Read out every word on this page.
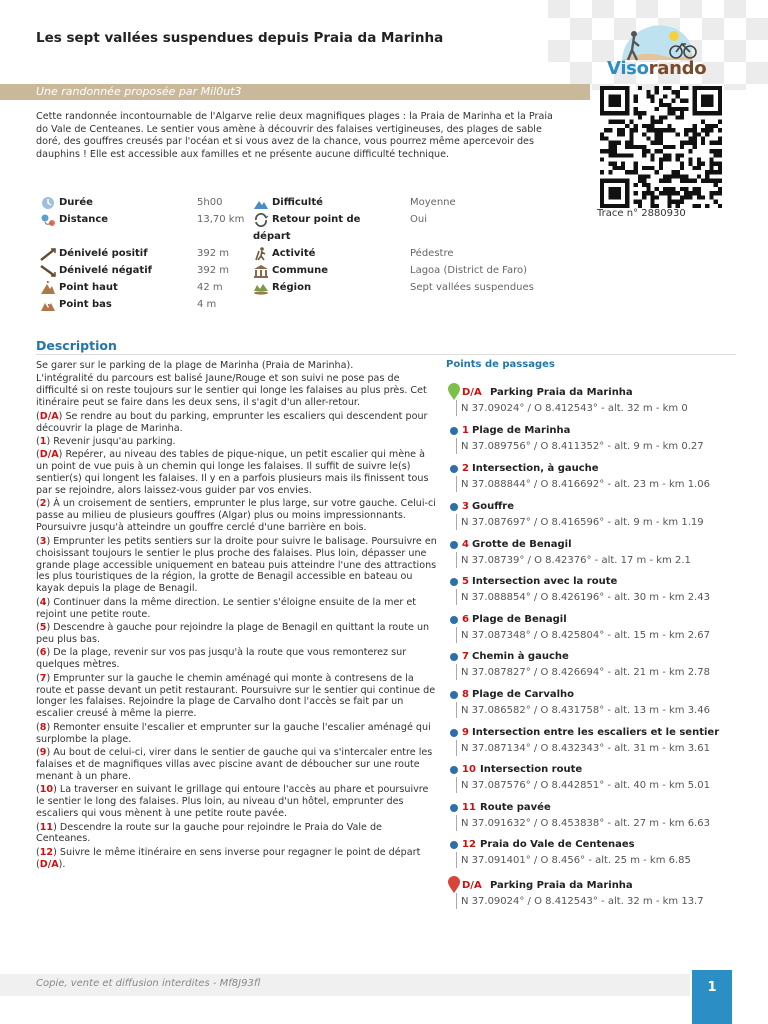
Les sept vallées suspendues depuis Praia da Marinha
Visorando
Une randonnée proposée par Mil0ut3
Trace n° 2880930
Cette randonnée incontournable de l'Algarve relie deux magnifiques plages : la Praia de Marinha et la Praia do Vale de Centeanes. Le sentier vous amène à découvrir des falaises vertigineuses, des plages de sable doré, des gouffres creusés par l'océan et si vous avez de la chance, vous pourrez même apercevoir des dauphins ! Elle est accessible aux familles et ne présente aucune difficulté technique.
Durée	5h00
Distance	13,70 km
Dénivelé positif	392 m
Dénivelé négatif	392 m
Point haut	42 m
Point bas	4 m
Difficulté	Moyenne
Retour point de
départ
Oui
Activité	Pédestre
Commune	Lagoa (District de Faro)
Région	Sept vallées suspendues
Description

Se garer sur le parking de la plage de Marinha (Praia de Marinha).

L'intégralité du parcours est balisé Jaune/Rouge et son suivi ne pose pas de difficulté si on reste toujours sur le sentier qui longe les falaises au plus près. Cet itinéraire peut se faire dans les deux sens, il s'agit d'un aller-retour.

(D/A) Se rendre au bout du parking, emprunter les escaliers qui descendent pour découvrir la plage de Marinha.

(1) Revenir jusqu'au parking.

(D/A) Repérer, au niveau des tables de pique-nique, un petit escalier qui mène à un point de vue puis à un chemin qui longe les falaises. Il suffit de suivre le(s) sentier(s) qui longent les falaises. Il y en a parfois plusieurs mais ils finissent tous par se rejoindre, alors laissez-vous guider par vos envies.

(2) À un croisement de sentiers, emprunter le plus large, sur votre gauche. Celui-ci passe au milieu de plusieurs gouffres (Algar) plus ou moins impressionnants. Poursuivre jusqu'à atteindre un gouffre cerclé d'une barrière en bois.

(3) Emprunter les petits sentiers sur la droite pour suivre le balisage. Poursuivre en choisissant toujours le sentier le plus proche des falaises. Plus loin, dépasser une grande plage accessible uniquement en bateau puis atteindre l'une des attractions les plus touristiques de la région, la grotte de Benagil accessible en bateau ou kayak depuis la plage de Benagil.

(4) Continuer dans la même direction. Le sentier s'éloigne ensuite de la mer et rejoint une petite route.

(5) Descendre à gauche pour rejoindre la plage de Benagil en quittant la route un peu plus bas.

(6) De la plage, revenir sur vos pas jusqu'à la route que vous remonterez sur quelques mètres.

(7) Emprunter sur la gauche le chemin aménagé qui monte à contresens de la route et passe devant un petit restaurant. Poursuivre sur le sentier qui continue de longer les falaises. Rejoindre la plage de Carvalho dont l'accès se fait par un escalier creusé à même la pierre.

(8) Remonter ensuite l'escalier et emprunter sur la gauche l'escalier aménagé qui surplombe la plage.

(9) Au bout de celui-ci, virer dans le sentier de gauche qui va s'intercaler entre les falaises et de magnifiques villas avec piscine avant de déboucher sur une route menant à un phare.

(10) La traverser en suivant le grillage qui entoure l'accès au phare et poursuivre le sentier le long des falaises. Plus loin, au niveau d'un hôtel, emprunter des escaliers qui vous mènent à une petite route pavée.

(11) Descendre la route sur la gauche pour rejoindre le Praia do Vale de Centeanes.

(12) Suivre le même itinéraire en sens inverse pour regagner le point de départ (D/A).

Points de passages
D/A Parking Praia da Marinha
N 37.09024° / O 8.412543° - alt. 32 m - km 0
1 Plage de Marinha
N 37.089756° / O 8.411352° - alt. 9 m - km 0.27
2 Intersection, à gauche
N 37.088844° / O 8.416692° - alt. 23 m - km 1.06
3 Gouffre
N 37.087697° / O 8.416596° - alt. 9 m - km 1.19
4 Grotte de Benagil
N 37.08739° / O 8.42376° - alt. 17 m - km 2.1
5 Intersection avec la route
N 37.088854° / O 8.426196° - alt. 30 m - km 2.43
6 Plage de Benagil
N 37.087348° / O 8.425804° - alt. 15 m - km 2.67
7 Chemin à gauche
N 37.087827° / O 8.426694° - alt. 21 m - km 2.78
8 Plage de Carvalho
N 37.086582° / O 8.431758° - alt. 13 m - km 3.46
9 Intersection entre les escaliers et le sentier
N 37.087134° / O 8.432343° - alt. 31 m - km 3.61
10 Intersection route
N 37.087576° / O 8.442851° - alt. 40 m - km 5.01
11 Route pavée
N 37.091632° / O 8.453838° - alt. 27 m - km 6.63
12 Praia do Vale de Centenaes
N 37.091401° / O 8.456° - alt. 25 m - km 6.85
D/A Parking Praia da Marinha
N 37.09024° / O 8.412543° - alt. 32 m - km 13.7
Copie, vente et diffusion interdites - Mf8J93fl	1
